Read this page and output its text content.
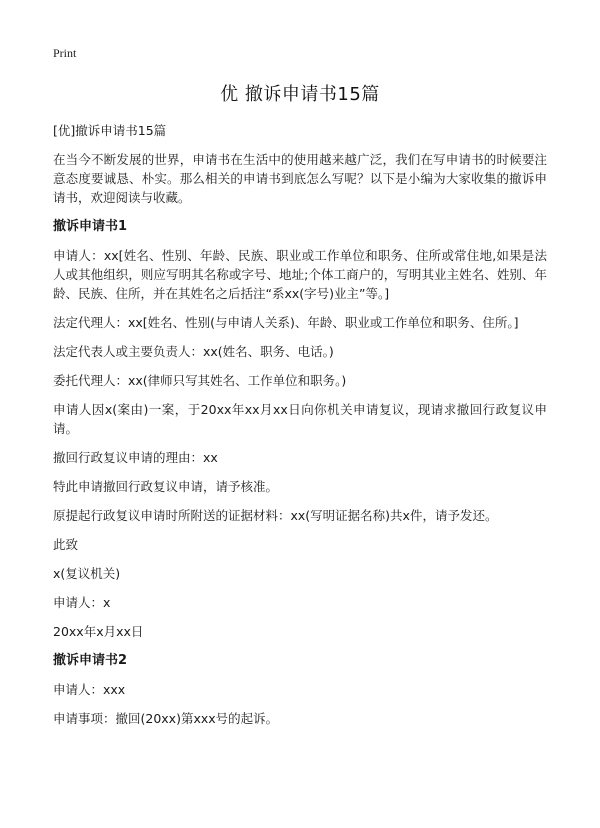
Print
优 撤诉申请书15篇

[优]撤诉申请书15篇

在当今不断发展的世界，申请书在生活中的使用越来越广泛，我们在写申请书的时候要注意态度要诚恳、朴实。那么相关的申请书到底怎么写呢？以下是小编为大家收集的撤诉申请书，欢迎阅读与收藏。

撤诉申请书1

申请人：xx[姓名、性别、年龄、民族、职业或工作单位和职务、住所或常住地,如果是法人或其他组织，则应写明其名称或字号、地址;个体工商户的，写明其业主姓名、姓别、年龄、民族、住所，并在其姓名之后括注“系xx(字号)业主”等。]

法定代理人：xx[姓名、性别(与申请人关系)、年龄、职业或工作单位和职务、住所。]

法定代表人或主要负责人：xx(姓名、职务、电话。)

委托代理人：xx(律师只写其姓名、工作单位和职务。)

申请人因x(案由)一案，于20xx年xx月xx日向你机关申请复议，现请求撤回行政复议申请。

撤回行政复议申请的理由：xx

特此申请撤回行政复议申请，请予核准。

原提起行政复议申请时所附送的证据材料：xx(写明证据名称)共x件，请予发还。

此致

x(复议机关)

申请人：x

20xx年x月xx日

撤诉申请书2

申请人：xxx

申请事项：撤回(20xx)第xxx号的起诉。
